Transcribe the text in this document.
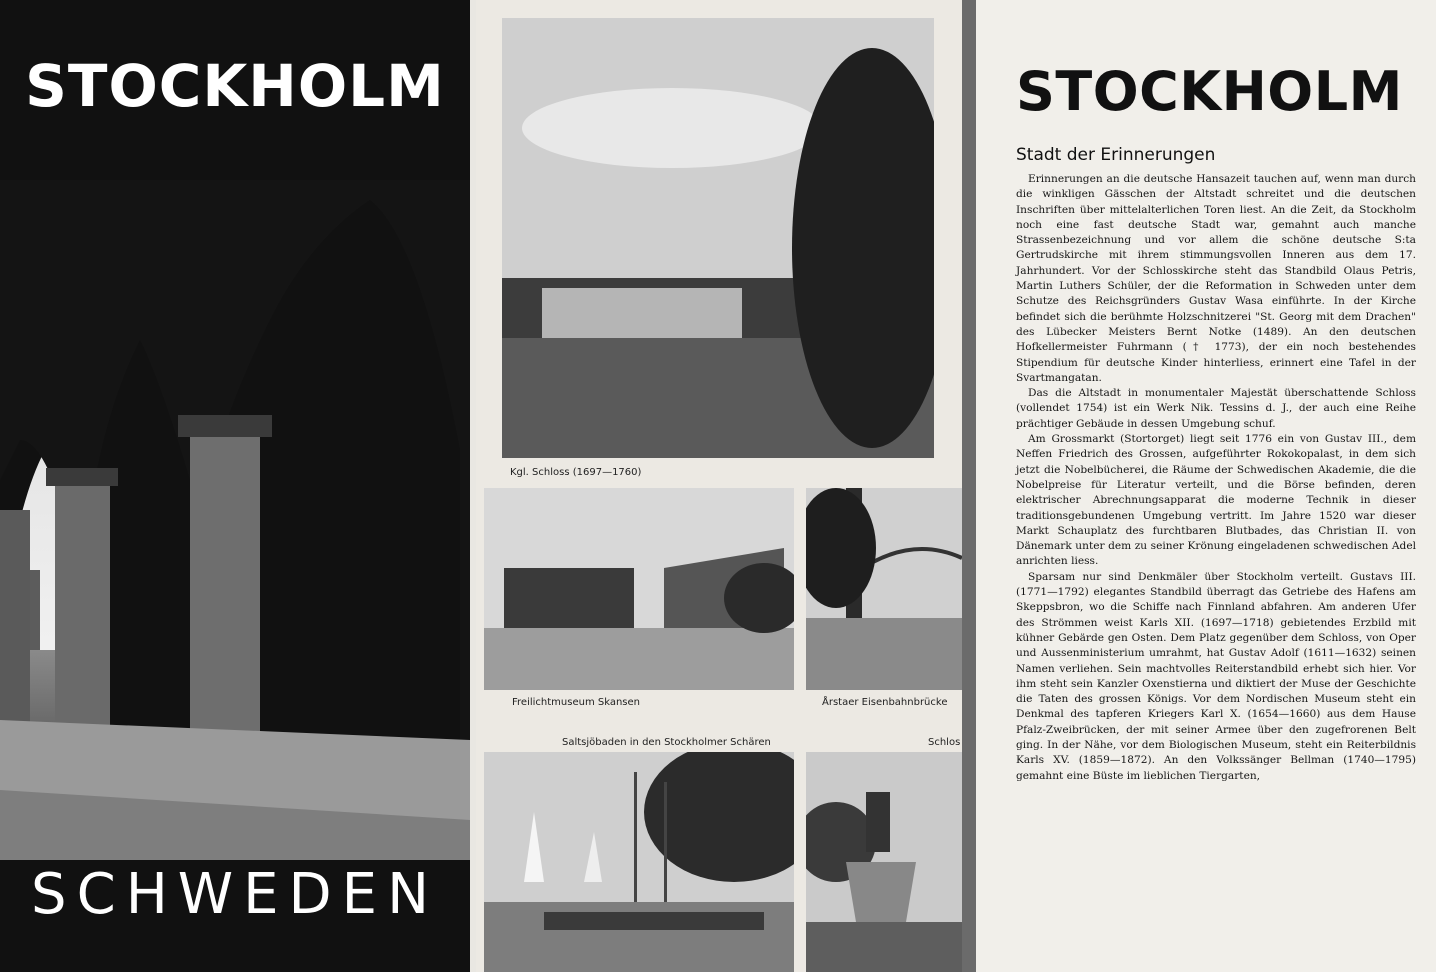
STOCKHOLM
SCHWEDEN
Kgl. Schloss (1697—1760)
Freilichtmuseum Skansen	Årstaer Eisenbahnbrücke
Saltsjöbaden in den Stockholmer Schären	Schlos
STOCKHOLM
Stadt der Erinnerungen

Erinnerungen an die deutsche Hansazeit tauchen auf, wenn man durch die winkligen Gässchen der Altstadt schreitet und die deutschen Inschriften über mittelalterlichen Toren liest. An die Zeit, da Stockholm noch eine fast deutsche Stadt war, gemahnt auch manche Strassenbezeichnung und vor allem die schöne deutsche S:ta Gertrudskirche mit ihrem stimmungsvollen Inneren aus dem 17. Jahrhundert. Vor der Schlosskirche steht das Standbild Olaus Petris, Martin Luthers Schüler, der die Reformation in Schweden unter dem Schutze des Reichsgründers Gustav Wasa einführte. In der Kirche befindet sich die berühmte Holzschnitzerei "St. Georg mit dem Drachen" des Lübecker Meisters Bernt Notke (1489). An den deutschen Hofkellermeister Fuhrmann († 1773), der ein noch bestehendes Stipendium für deutsche Kinder hinterliess, erinnert eine Tafel in der Svartmangatan.

Das die Altstadt in monumentaler Majestät überschattende Schloss (vollendet 1754) ist ein Werk Nik. Tessins d. J., der auch eine Reihe prächtiger Gebäude in dessen Umgebung schuf.

Am Grossmarkt (Stortorget) liegt seit 1776 ein von Gustav III., dem Neffen Friedrich des Grossen, aufgeführter Rokokopalast, in dem sich jetzt die Nobelbücherei, die Räume der Schwedischen Akademie, die die Nobelpreise für Literatur verteilt, und die Börse befinden, deren elektrischer Abrechnungsapparat die moderne Technik in dieser traditionsgebundenen Umgebung vertritt. Im Jahre 1520 war dieser Markt Schauplatz des furchtbaren Blutbades, das Christian II. von Dänemark unter dem zu seiner Krönung eingeladenen schwedischen Adel anrichten liess.

Sparsam nur sind Denkmäler über Stockholm verteilt. Gustavs III. (1771—1792) elegantes Standbild überragt das Getriebe des Hafens am Skeppsbron, wo die Schiffe nach Finnland abfahren. Am anderen Ufer des Strömmen weist Karls XII. (1697—1718) gebietendes Erzbild mit kühner Gebärde gen Osten. Dem Platz gegenüber dem Schloss, von Oper und Aussenministerium umrahmt, hat Gustav Adolf (1611—1632) seinen Namen verliehen. Sein machtvolles Reiterstandbild erhebt sich hier. Vor ihm steht sein Kanzler Oxenstierna und diktiert der Muse der Geschichte die Taten des grossen Königs. Vor dem Nordischen Museum steht ein Denkmal des tapferen Kriegers Karl X. (1654—1660) aus dem Hause Pfalz-Zweibrücken, der mit seiner Armee über den zugefrorenen Belt ging. In der Nähe, vor dem Biologischen Museum, steht ein Reiterbildnis Karls XV. (1859—1872). An den Volkssänger Bellman (1740—1795) gemahnt eine Büste im lieblichen Tiergarten,
